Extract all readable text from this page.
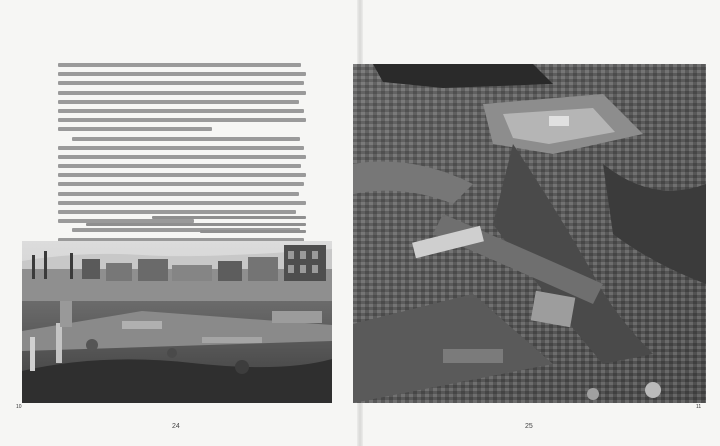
10	11
24	25
